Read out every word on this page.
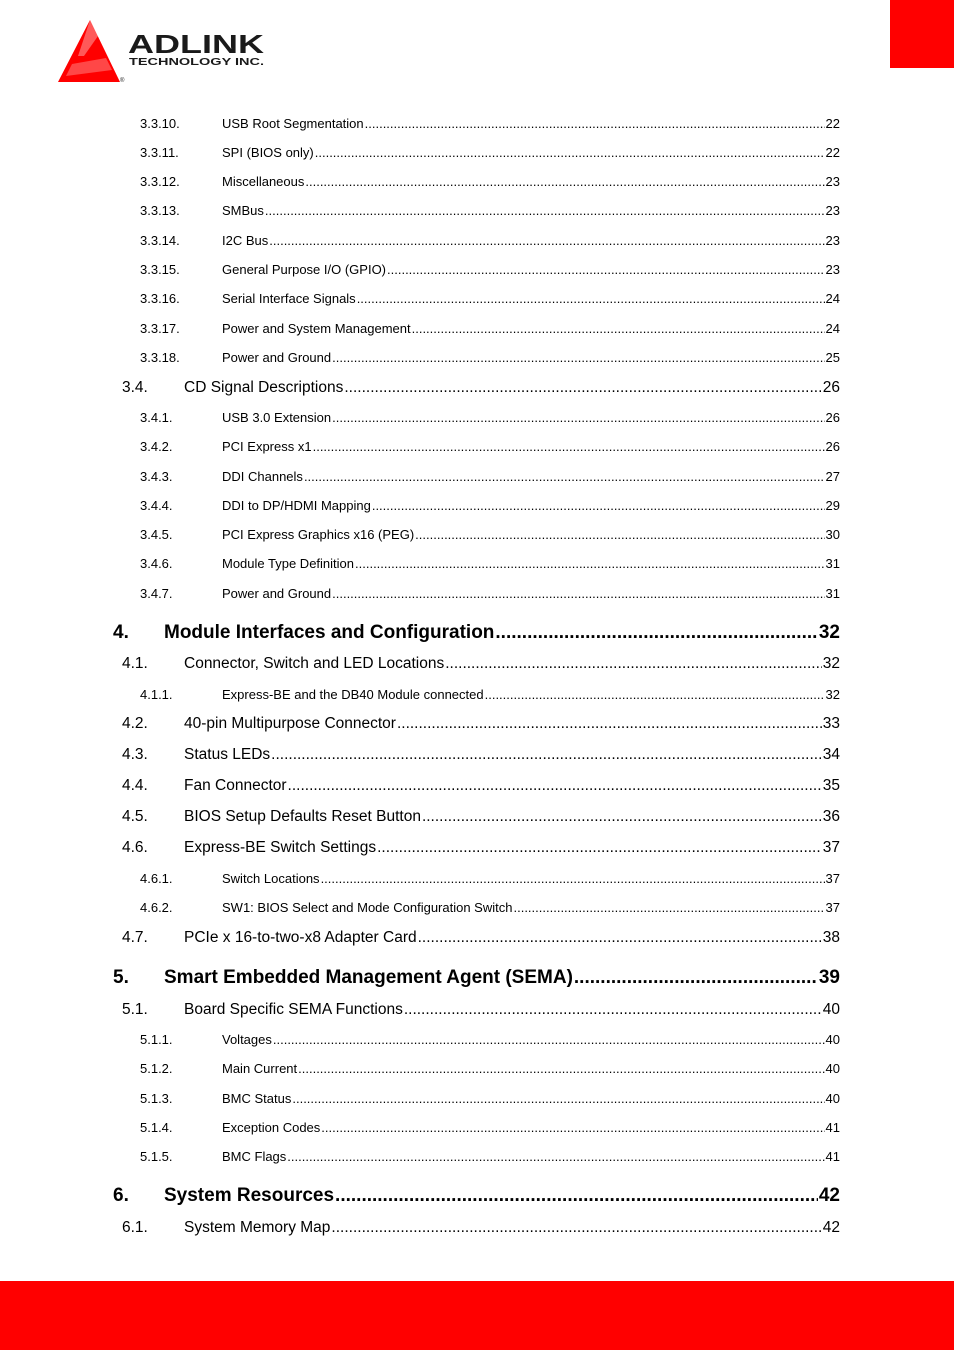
ADLINK
TECHNOLOGY INC.
®
3.3.10.	USB Root Segmentation .....	22
3.3.11.	SPI (BIOS only) .....	22
3.3.12.	Miscellaneous .....	23
3.3.13.	SMBus .....	23
3.3.14.	I2C Bus .....	23
3.3.15.	General Purpose I/O (GPIO) .....	23
3.3.16.	Serial Interface Signals .....	24
3.3.17.	Power and System Management .....	24
3.3.18.	Power and Ground .....	25
3.4.	CD Signal Descriptions .....	26
3.4.1.	USB 3.0 Extension .....	26
3.4.2.	PCI Express x1 .....	26
3.4.3.	DDI Channels .....	27
3.4.4.	DDI to DP/HDMI Mapping .....	29
3.4.5.	PCI Express Graphics x16 (PEG) .....	30
3.4.6.	Module Type Definition .....	31
3.4.7.	Power and Ground .....	31
4.	Module Interfaces and Configuration .....	32
4.1.	Connector, Switch and LED Locations .....	32
4.1.1.	Express-BE and the DB40 Module connected .....	32
4.2.	40-pin Multipurpose Connector .....	33
4.3.	Status LEDs .....	34
4.4.	Fan Connector .....	35
4.5.	BIOS Setup Defaults Reset Button .....	36
4.6.	Express-BE Switch Settings .....	37
4.6.1.	Switch Locations .....	37
4.6.2.	SW1: BIOS Select and Mode Configuration Switch .....	37
4.7.	PCIe x 16-to-two-x8 Adapter Card .....	38
5.	Smart Embedded Management Agent (SEMA) .....	39
5.1.	Board Specific SEMA Functions .....	40
5.1.1.	Voltages .....	40
5.1.2.	Main Current .....	40
5.1.3.	BMC Status .....	40
5.1.4.	Exception Codes .....	41
5.1.5.	BMC Flags .....	41
6.	System Resources .....	42
6.1.	System Memory Map .....	42
